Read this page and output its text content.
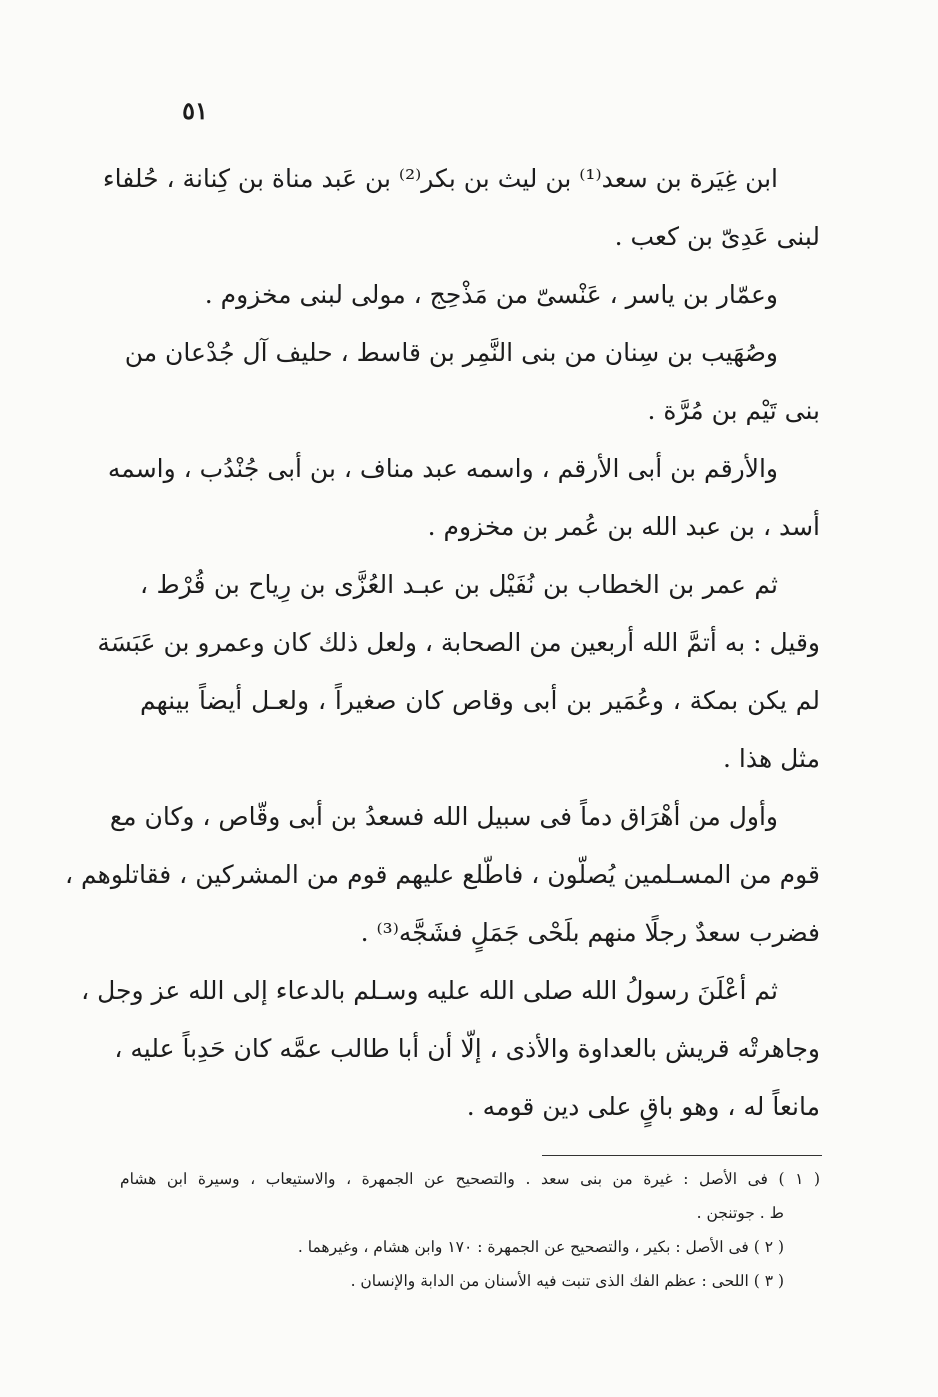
٥١
ابن غِيَرة بن سعد⁽¹⁾ بن ليث بن بكر⁽²⁾ بن عَبد مناة بن كِنانة ، حُلفاء
لبنى عَدِىّ بن كعب .
وعمّار بن ياسر ، عَنْسىّ من مَذْحِج ، مولى لبنى مخزوم .
وصُهَيب بن سِنان من بنى النَّمِر بن قاسط ، حليف آل جُدْعان من
بنى تَيْم بن مُرَّة .
والأرقم بن أبى الأرقم ، واسمه عبد مناف ، بن أبى جُنْدُب ، واسمه
أسد ، بن عبد الله بن عُمر بن مخزوم .
ثم عمر بن الخطاب بن نُفَيْل بن عبـد العُزَّى بن رِياح بن قُرْط ،
وقيل : به أتمَّ الله أربعين من الصحابة ، ولعل ذلك كان وعمرو بن عَبَسَة
لم يكن بمكة ، وعُمَير بن أبى وقاص كان صغيراً ، ولعـل أيضاً بينهم
مثل هذا .
وأول من أهْرَاق دماً فى سبيل الله فسعدُ بن أبى وقّاص ، وكان مع
قوم من المسـلمين يُصلّون ، فاطّلع عليهم قوم من المشركين ، فقاتلوهم ،
فضرب سعدٌ رجلًا منهم بلَحْى جَمَلٍ فشَجَّه⁽³⁾ .
ثم أعْلَنَ رسولُ الله صلى الله عليه وسـلم بالدعاء إلى الله عز وجل ،
وجاهرتْه قريش بالعداوة والأذى ، إلّا أن أبا طالب عمَّه كان حَدِباً عليه ،
مانعاً له ، وهو باقٍ على دين قومه .
( ١ ) فى الأصل : غيرة من بنى سعد . والتصحيح عن الجمهرة ، والاستيعاب ، وسيرة ابن هشام
ط . جوتنجن .
( ٢ ) فى الأصل : بكير ، والتصحيح عن الجمهرة : ١٧٠ وابن هشام ، وغيرهما .
( ٣ ) اللحى : عظم الفك الذى تنبت فيه الأسنان من الدابة والإنسان .
